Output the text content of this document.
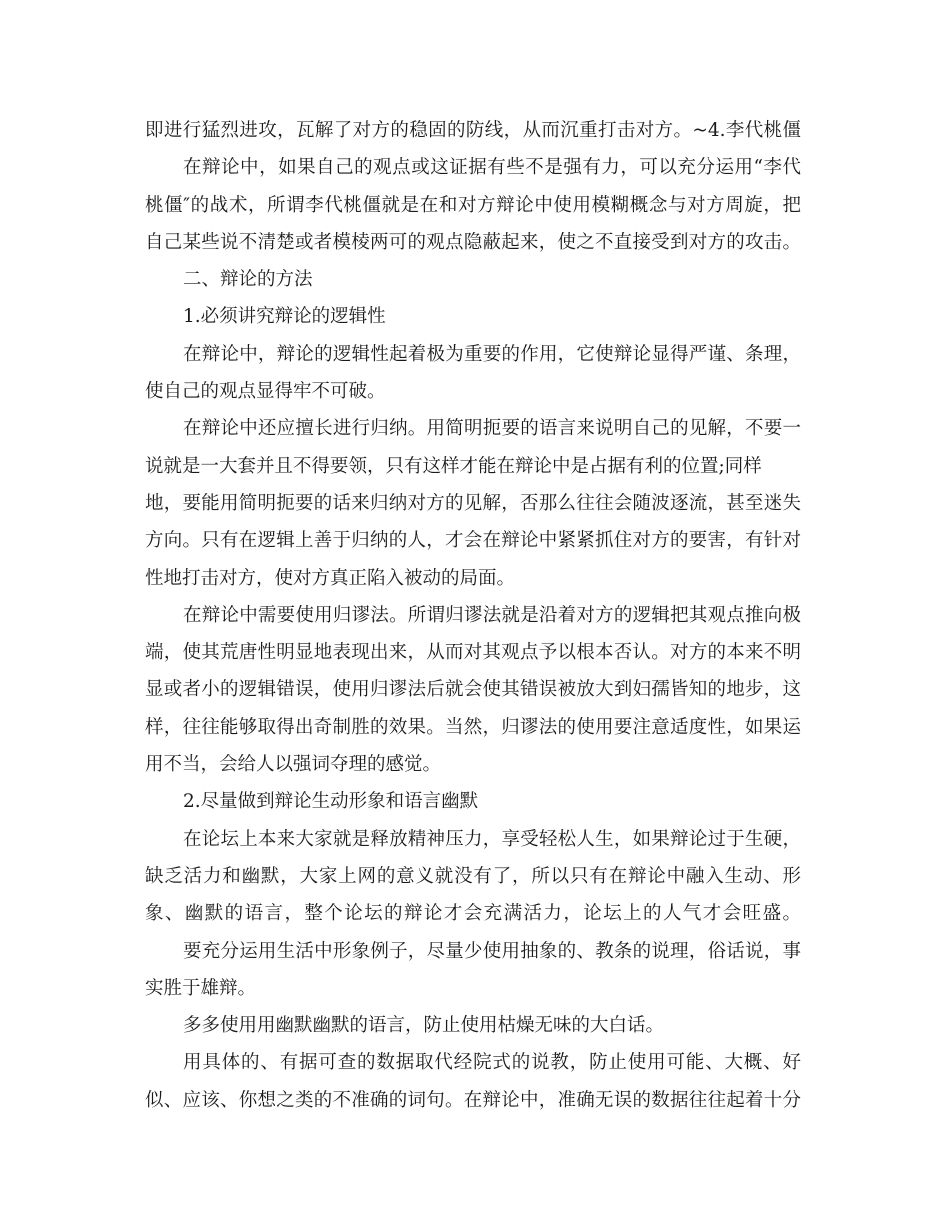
即进行猛烈进攻，瓦解了对方的稳固的防线，从而沉重打击对方。~4.李代桃僵
在辩论中，如果自己的观点或这证据有些不是强有力，可以充分运用“李代
桃僵″的战术，所谓李代桃僵就是在和对方辩论中使用模糊概念与对方周旋，把
自己某些说不清楚或者模棱两可的观点隐蔽起来，使之不直接受到对方的攻击。
二、辩论的方法
1.必须讲究辩论的逻辑性
在辩论中，辩论的逻辑性起着极为重要的作用，它使辩论显得严谨、条理，
使自己的观点显得牢不可破。
在辩论中还应擅长进行归纳。用简明扼要的语言来说明自己的见解，不要一
说就是一大套并且不得要领，只有这样才能在辩论中是占据有利的位置;同样
地，要能用简明扼要的话来归纳对方的见解，否那么往往会随波逐流，甚至迷失
方向。只有在逻辑上善于归纳的人，才会在辩论中紧紧抓住对方的要害，有针对
性地打击对方，使对方真正陷入被动的局面。
在辩论中需要使用归谬法。所谓归谬法就是沿着对方的逻辑把其观点推向极
端，使其荒唐性明显地表现出来，从而对其观点予以根本否认。对方的本来不明
显或者小的逻辑错误，使用归谬法后就会使其错误被放大到妇孺皆知的地步，这
样，往往能够取得出奇制胜的效果。当然，归谬法的使用要注意适度性，如果运
用不当，会给人以强词夺理的感觉。
2.尽量做到辩论生动形象和语言幽默
在论坛上本来大家就是释放精神压力，享受轻松人生，如果辩论过于生硬，
缺乏活力和幽默，大家上网的意义就没有了，所以只有在辩论中融入生动、形
象、幽默的语言，整个论坛的辩论才会充满活力，论坛上的人气才会旺盛。
要充分运用生活中形象例子，尽量少使用抽象的、教条的说理，俗话说，事
实胜于雄辩。
多多使用用幽默幽默的语言，防止使用枯燥无味的大白话。
用具体的、有据可查的数据取代经院式的说教，防止使用可能、大概、好
似、应该、你想之类的不准确的词句。在辩论中，准确无误的数据往往起着十分
